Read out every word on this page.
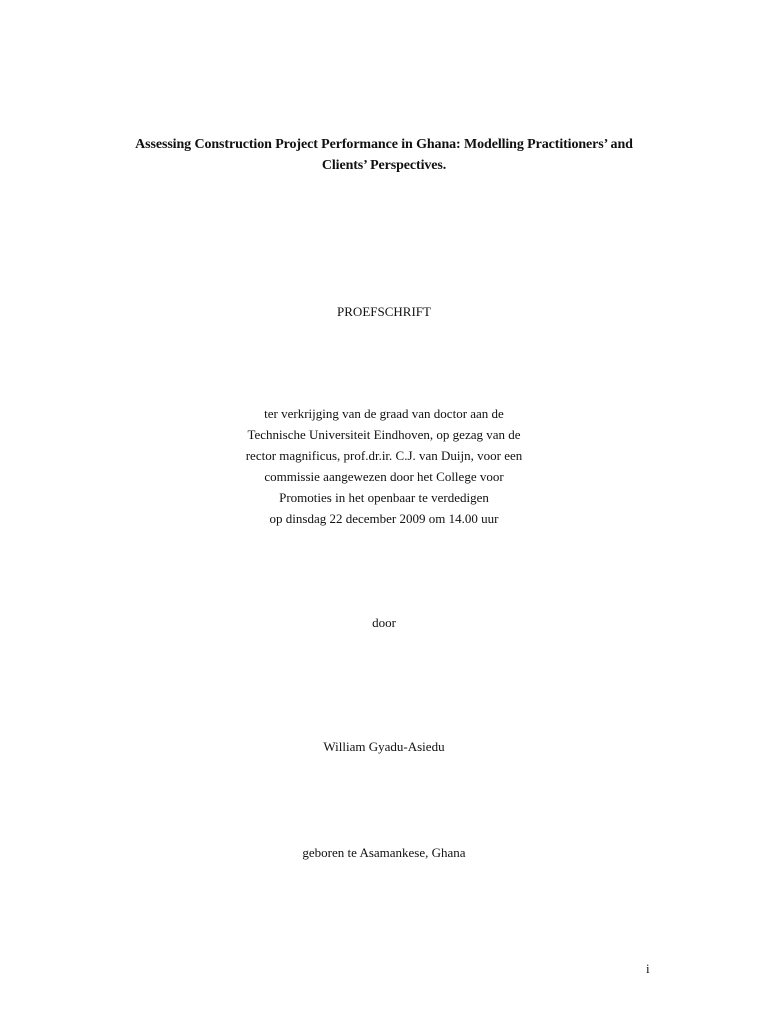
Assessing Construction Project Performance in Ghana: Modelling Practitioners’ and
Clients’ Perspectives.
PROEFSCHRIFT
ter verkrijging van de graad van doctor aan de
Technische Universiteit Eindhoven, op gezag van de
rector magnificus, prof.dr.ir. C.J. van Duijn, voor een
commissie aangewezen door het College voor
Promoties in het openbaar te verdedigen
op dinsdag 22 december 2009 om 14.00 uur
door
William Gyadu-Asiedu
geboren te Asamankese, Ghana
i
